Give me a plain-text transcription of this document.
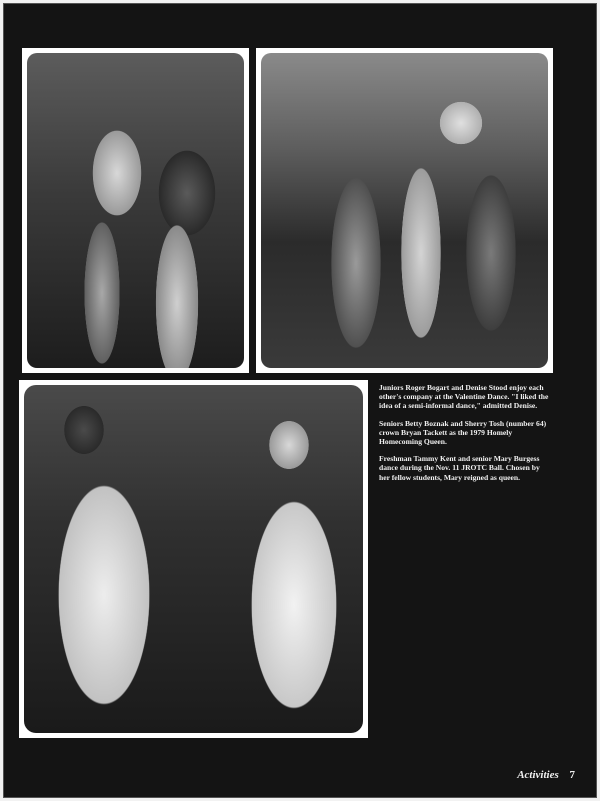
Juniors Roger Bogart and Denise Stood enjoy each other's company at the Valentine Dance. "I liked the idea of a semi-informal dance," admitted Denise.

Seniors Betty Boznak and Sherry Tosh (number 64) crown Bryan Tackett as the 1979 Homely Homecoming Queen.

Freshman Tammy Kent and senior Mary Burgess dance during the Nov. 11 JROTC Ball. Chosen by her fellow students, Mary reigned as queen.

Activities 7
